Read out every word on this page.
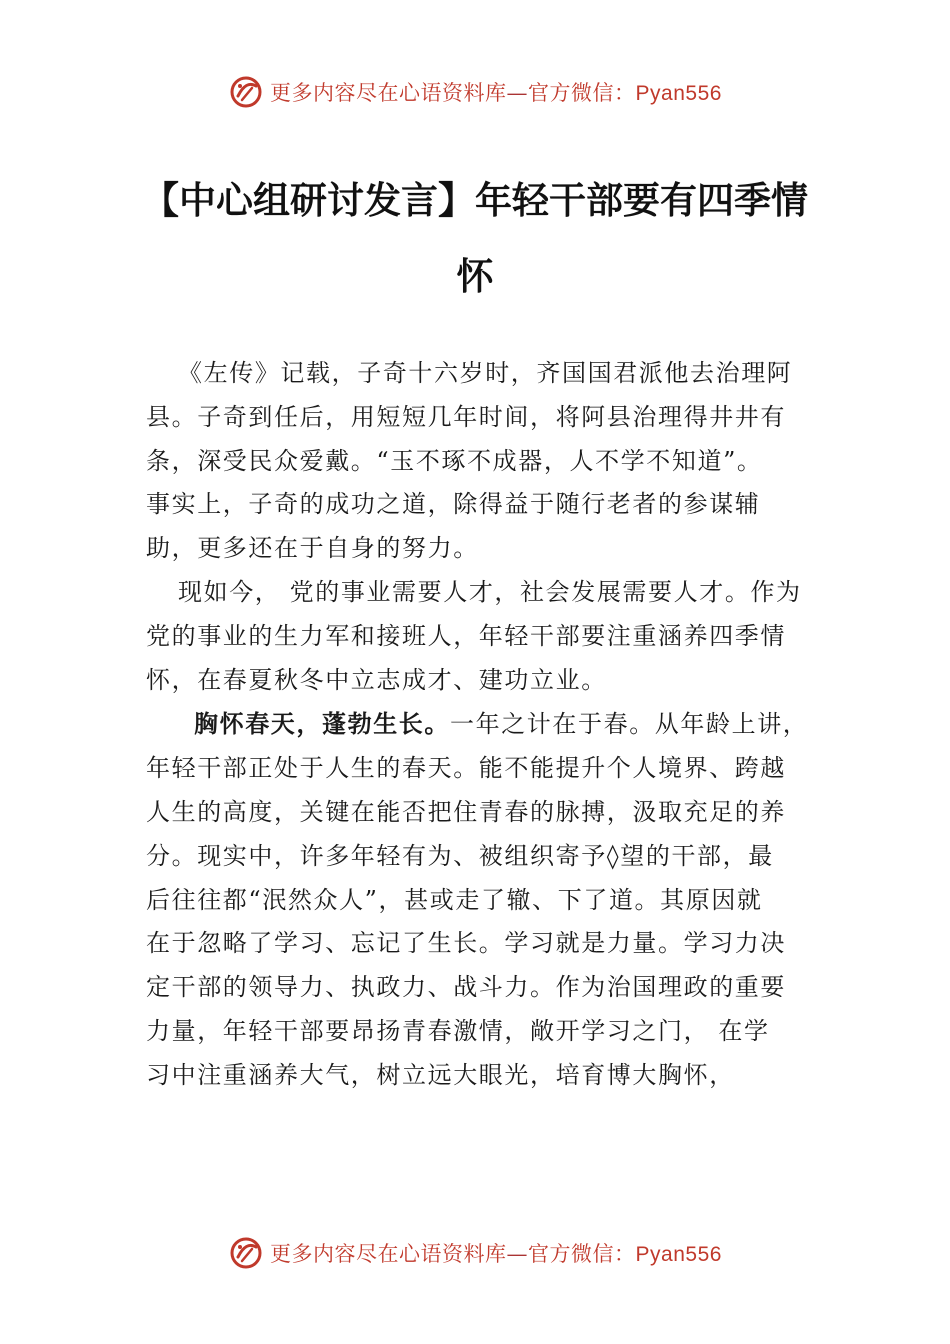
更多内容尽在心语资料库—官方微信：Pyan556
【中心组研讨发言】年轻干部要有四季情
怀

《左传》记载，子奇十六岁时，齐国国君派他去治理阿
县。子奇到任后，用短短几年时间，将阿县治理得井井有
条，深受民众爱戴。“玉不琢不成器，人不学不知道”。
事实上，子奇的成功之道，除得益于随行老者的参谋辅
助，更多还在于自身的努力。

现如今， 党的事业需要人才，社会发展需要人才。作为
党的事业的生力军和接班人，年轻干部要注重涵养四季情
怀，在春夏秋冬中立志成才、建功立业。

胸怀春天，蓬勃生长。一年之计在于春。从年龄上讲，
年轻干部正处于人生的春天。能不能提升个人境界、跨越
人生的高度，关键在能否把住青春的脉搏，汲取充足的养
分。现实中，许多年轻有为、被组织寄予◊望的干部，最
后往往都“泯然众人”，甚或走了辙、下了道。其原因就
在于忽略了学习、忘记了生长。学习就是力量。学习力决
定干部的领导力、执政力、战斗力。作为治国理政的重要
力量，年轻干部要昂扬青春激情，敞开学习之门， 在学
习中注重涵养大气，树立远大眼光，培育博大胸怀，

更多内容尽在心语资料库—官方微信：Pyan556
